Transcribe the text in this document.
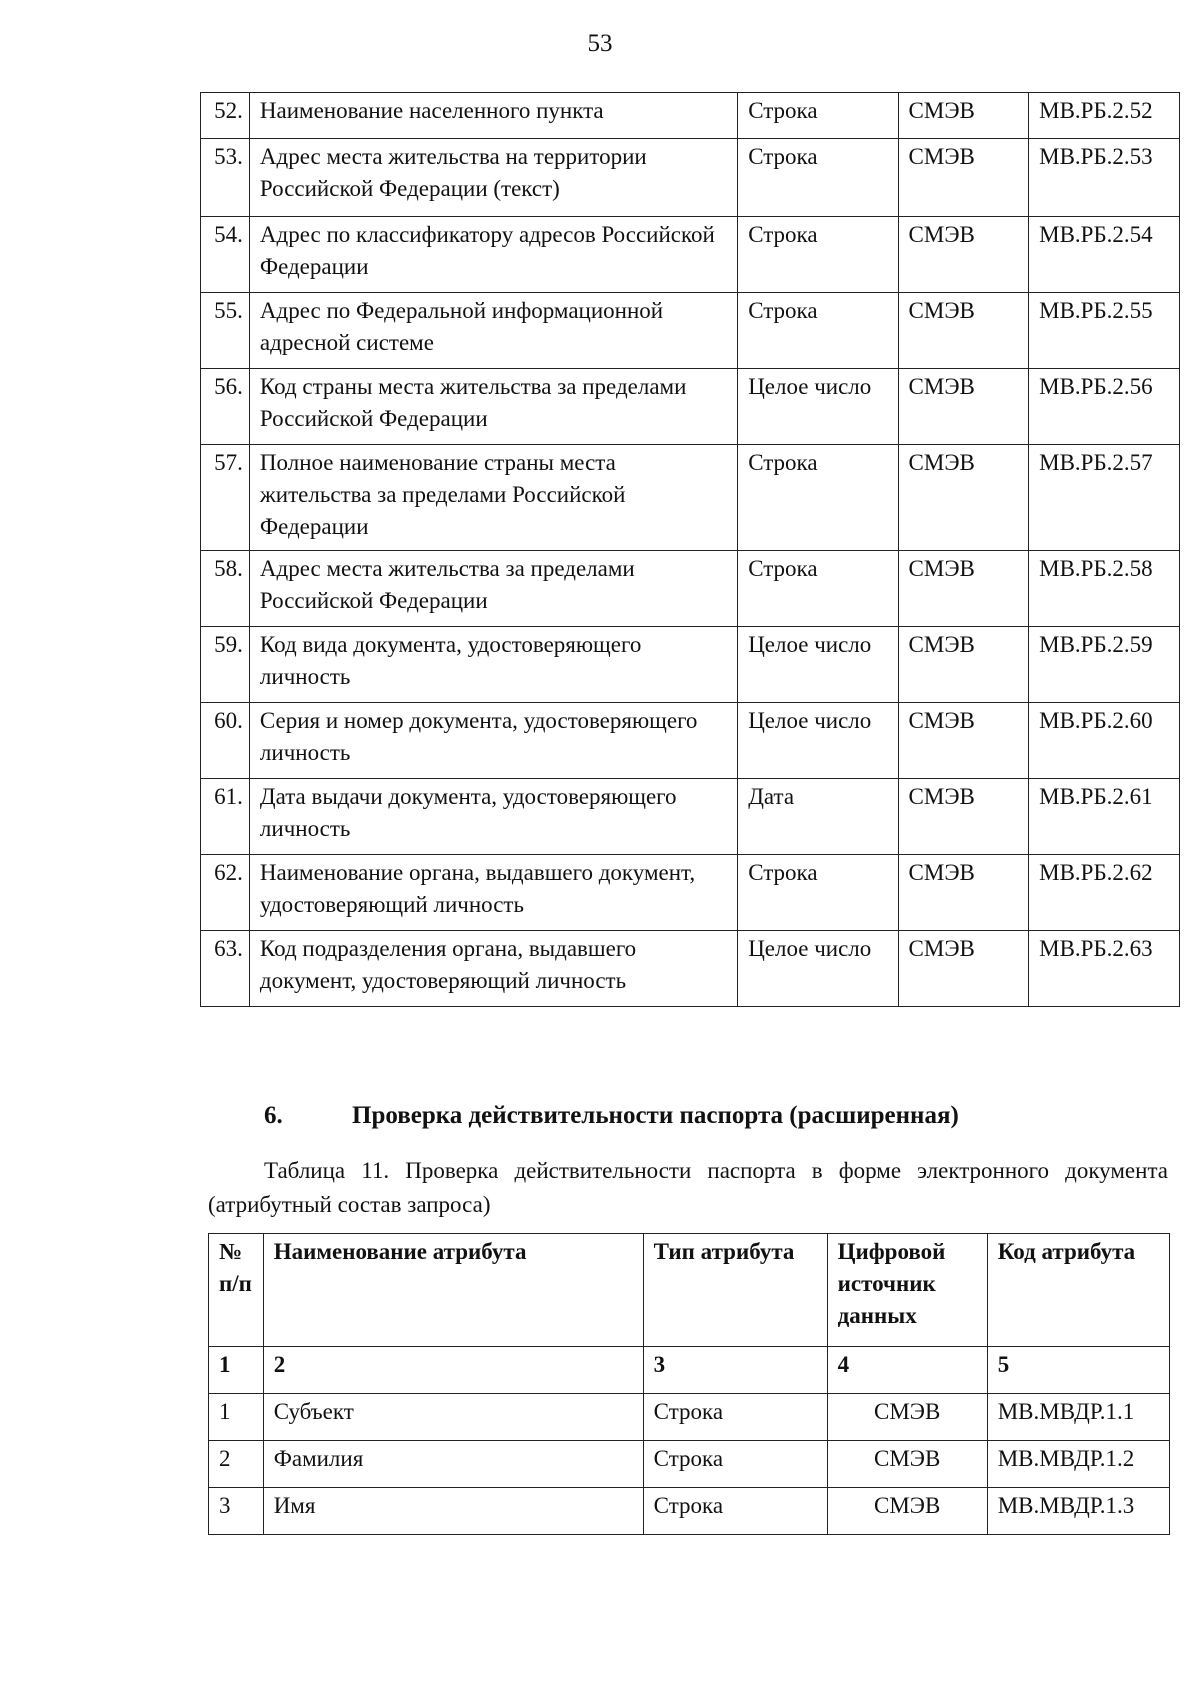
53
52.	Наименование населенного пункта	Строка	СМЭВ	МВ.РБ.2.52
53.	Адрес места жительства на территории Российской Федерации (текст)	Строка	СМЭВ	МВ.РБ.2.53
54.	Адрес по классификатору адресов Российской Федерации	Строка	СМЭВ	МВ.РБ.2.54
55.	Адрес по Федеральной информационной адресной системе	Строка	СМЭВ	МВ.РБ.2.55
56.	Код страны места жительства за пределами Российской Федерации	Целое число	СМЭВ	МВ.РБ.2.56
57.	Полное наименование страны места жительства за пределами Российской Федерации	Строка	СМЭВ	МВ.РБ.2.57
58.	Адрес места жительства за пределами Российской Федерации	Строка	СМЭВ	МВ.РБ.2.58
59.	Код вида документа, удостоверяющего личность	Целое число	СМЭВ	МВ.РБ.2.59
60.	Серия и номер документа, удостоверяющего личность	Целое число	СМЭВ	МВ.РБ.2.60
61.	Дата выдачи документа, удостоверяющего личность	Дата	СМЭВ	МВ.РБ.2.61
62.	Наименование органа, выдавшего документ, удостоверяющий личность	Строка	СМЭВ	МВ.РБ.2.62
63.	Код подразделения органа, выдавшего документ, удостоверяющий личность	Целое число	СМЭВ	МВ.РБ.2.63
6.	Проверка действительности паспорта (расширенная)
Таблица 11. Проверка действительности паспорта в форме электронного документа (атрибутный состав запроса)
№ п/п	Наименование атрибута	Тип атрибута	Цифровой источник данных	Код атрибута
1	2	3	4	5
1	Субъект	Строка	СМЭВ	МВ.МВДР.1.1
2	Фамилия	Строка	СМЭВ	МВ.МВДР.1.2
3	Имя	Строка	СМЭВ	МВ.МВДР.1.3
